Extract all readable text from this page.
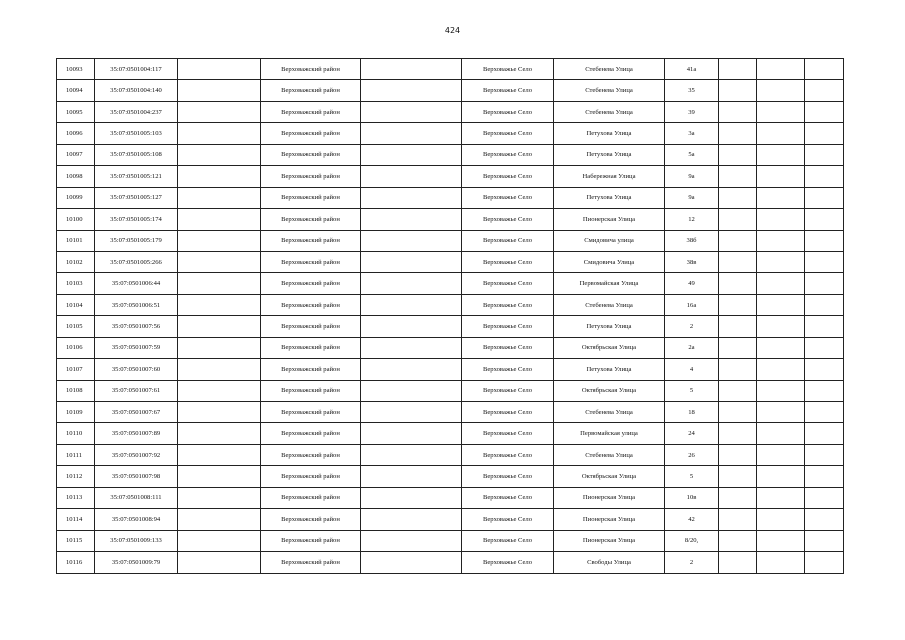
424
10093	35:07:0501004:117		Верховажский район		Верховажье Село	Стебенева Улица	41а			
10094	35:07:0501004:140		Верховажский район		Верховажье Село	Стебенева Улица	35			
10095	35:07:0501004:237		Верховажский район		Верховажье Село	Стебенева Улица	39			
10096	35:07:0501005:103		Верховажский район		Верховажье Село	Петухова Улица	3а			
10097	35:07:0501005:108		Верховажский район		Верховажье Село	Петухова Улица	5а			
10098	35:07:0501005:121		Верховажский район		Верховажье Село	Набережная Улица	9а			
10099	35:07:0501005:127		Верховажский район		Верховажье Село	Петухова Улица	9а			
10100	35:07:0501005:174		Верховажский район		Верховажье Село	Пионерская Улица	12			
10101	35:07:0501005:179		Верховажский район		Верховажье Село	Смидовича улица	38б			
10102	35:07:0501005:266		Верховажский район		Верховажье Село	Смидовича Улица	38в			
10103	35:07:0501006:44		Верховажский район		Верховажье Село	Первомайская Улица	49			
10104	35:07:0501006:51		Верховажский район		Верховажье Село	Стебенева Улица	16а			
10105	35:07:0501007:56		Верховажский район		Верховажье Село	Петухова Улица	2			
10106	35:07:0501007:59		Верховажский район		Верховажье Село	Октябрьская Улица	2а			
10107	35:07:0501007:60		Верховажский район		Верховажье Село	Петухова Улица	4			
10108	35:07:0501007:61		Верховажский район		Верховажье Село	Октябрьская Улица	5			
10109	35:07:0501007:67		Верховажский район		Верховажье Село	Стебенева Улица	18			
10110	35:07:0501007:89		Верховажский район		Верховажье Село	Первомайская улица	24			
10111	35:07:0501007:92		Верховажский район		Верховажье Село	Стебенева Улица	26			
10112	35:07:0501007:98		Верховажский район		Верховажье Село	Октябрьская Улица	5			
10113	35:07:0501008:111		Верховажский район		Верховажье Село	Пионерская Улица	10в			
10114	35:07:0501008:94		Верховажский район		Верховажье Село	Пионерская Улица	42			
10115	35:07:0501009:133		Верховажский район		Верховажье Село	Пионерская Улица	8/20,			
10116	35:07:0501009:79		Верховажский район		Верховажье Село	Свободы Улица	2			
